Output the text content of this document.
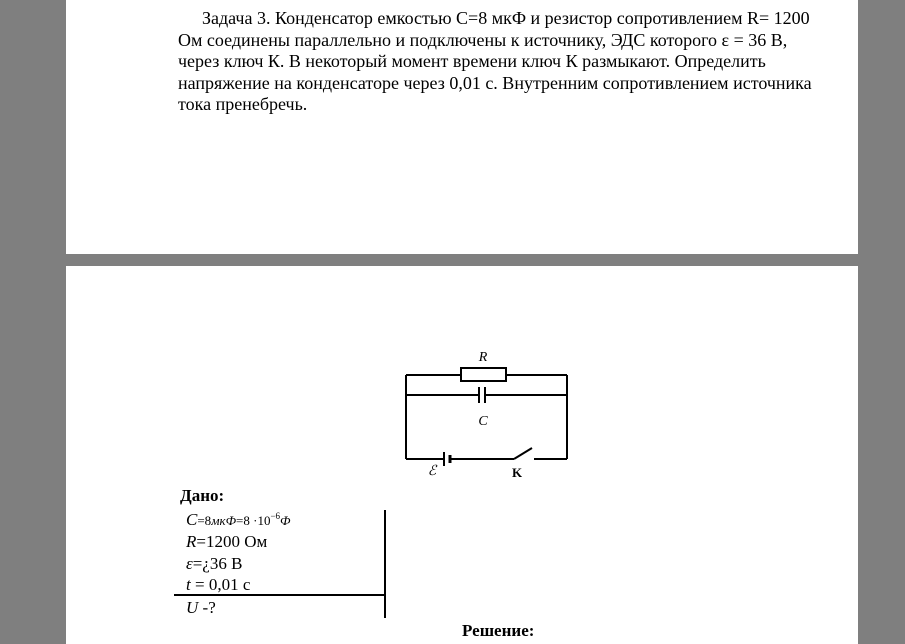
Задача 3. Конденсатор емкостью С=8 мкФ и резистор сопротивлением R= 1200 Ом соединены параллельно и подключены к источнику, ЭДС которого ε = 36 В, через ключ К. В некоторый момент времени ключ К размыкают. Определить напряжение на конденсаторе через 0,01 с. Внутренним сопротивлением источника тока пренебречь.

R
C
ℰ	K
Дано:
$C=8мкФ=8 \cdot 10^{-6}Ф$
R=1200 Ом
ε=¿36 В
t = 0,01 с
U -?
Решение:
